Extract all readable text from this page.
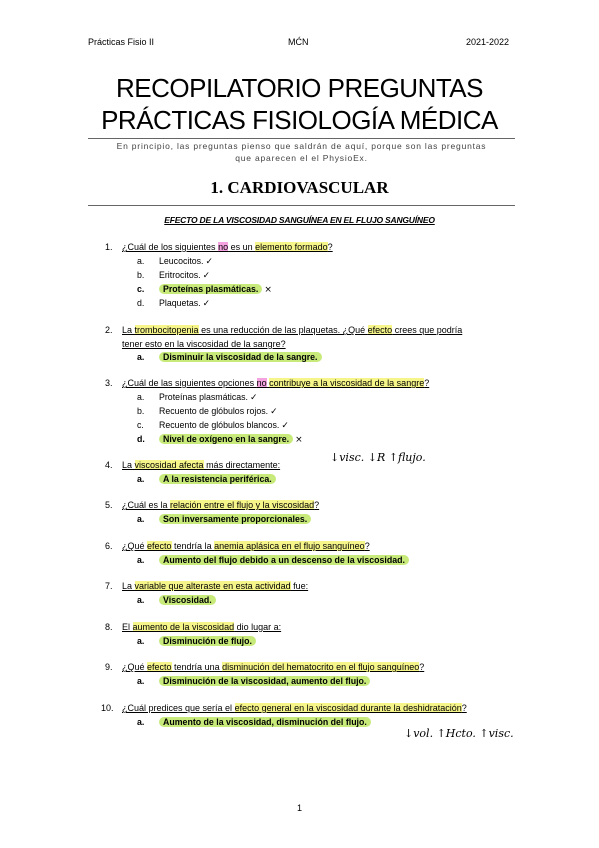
Prácticas Fisio II	MĆN	2021-2022
RECOPILATORIO PREGUNTAS
PRÁCTICAS FISIOLOGÍA MÉDICA
En principio, las preguntas pienso que saldrán de aquí, porque son las preguntas
que aparecen el el PhysioEx.
1. CARDIOVASCULAR
EFECTO DE LA VISCOSIDAD SANGUÍNEA EN EL FLUJO SANGUÍNEO
1. ¿Cuál de los siguientes no es un elemento formado?
a. Leucocitos. ✓
b. Eritrocitos. ✓
c. Proteínas plasmáticas. ×
d. Plaquetas. ✓
2. La trombocitopenia es una reducción de las plaquetas. ¿Qué efecto crees que podría
tener esto en la viscosidad de la sangre?
a. Disminuir la viscosidad de la sangre.
3. ¿Cuál de las siguientes opciones no contribuye a la viscosidad de la sangre?
a. Proteínas plasmáticas. ✓
b. Recuento de glóbulos rojos. ✓
c. Recuento de glóbulos blancos. ✓
d. Nivel de oxígeno en la sangre. ×
4. La viscosidad afecta más directamente:
↓visc. ↓R ↑flujo.
a. A la resistencia periférica.
5. ¿Cuál es la relación entre el flujo y la viscosidad?
a. Son inversamente proporcionales.
6. ¿Qué efecto tendría la anemia aplásica en el flujo sanguíneo?
a. Aumento del flujo debido a un descenso de la viscosidad.
7. La variable que alteraste en esta actividad fue:
a. Viscosidad.
8. El aumento de la viscosidad dio lugar a:
a. Disminución de flujo.
9. ¿Qué efecto tendría una disminución del hematocrito en el flujo sanguíneo?
a. Disminución de la viscosidad, aumento del flujo.
10. ¿Cuál predices que sería el efecto general en la viscosidad durante la deshidratación?
a. Aumento de la viscosidad, disminución del flujo.
↓vol. ↑Hcto. ↑visc.
1
